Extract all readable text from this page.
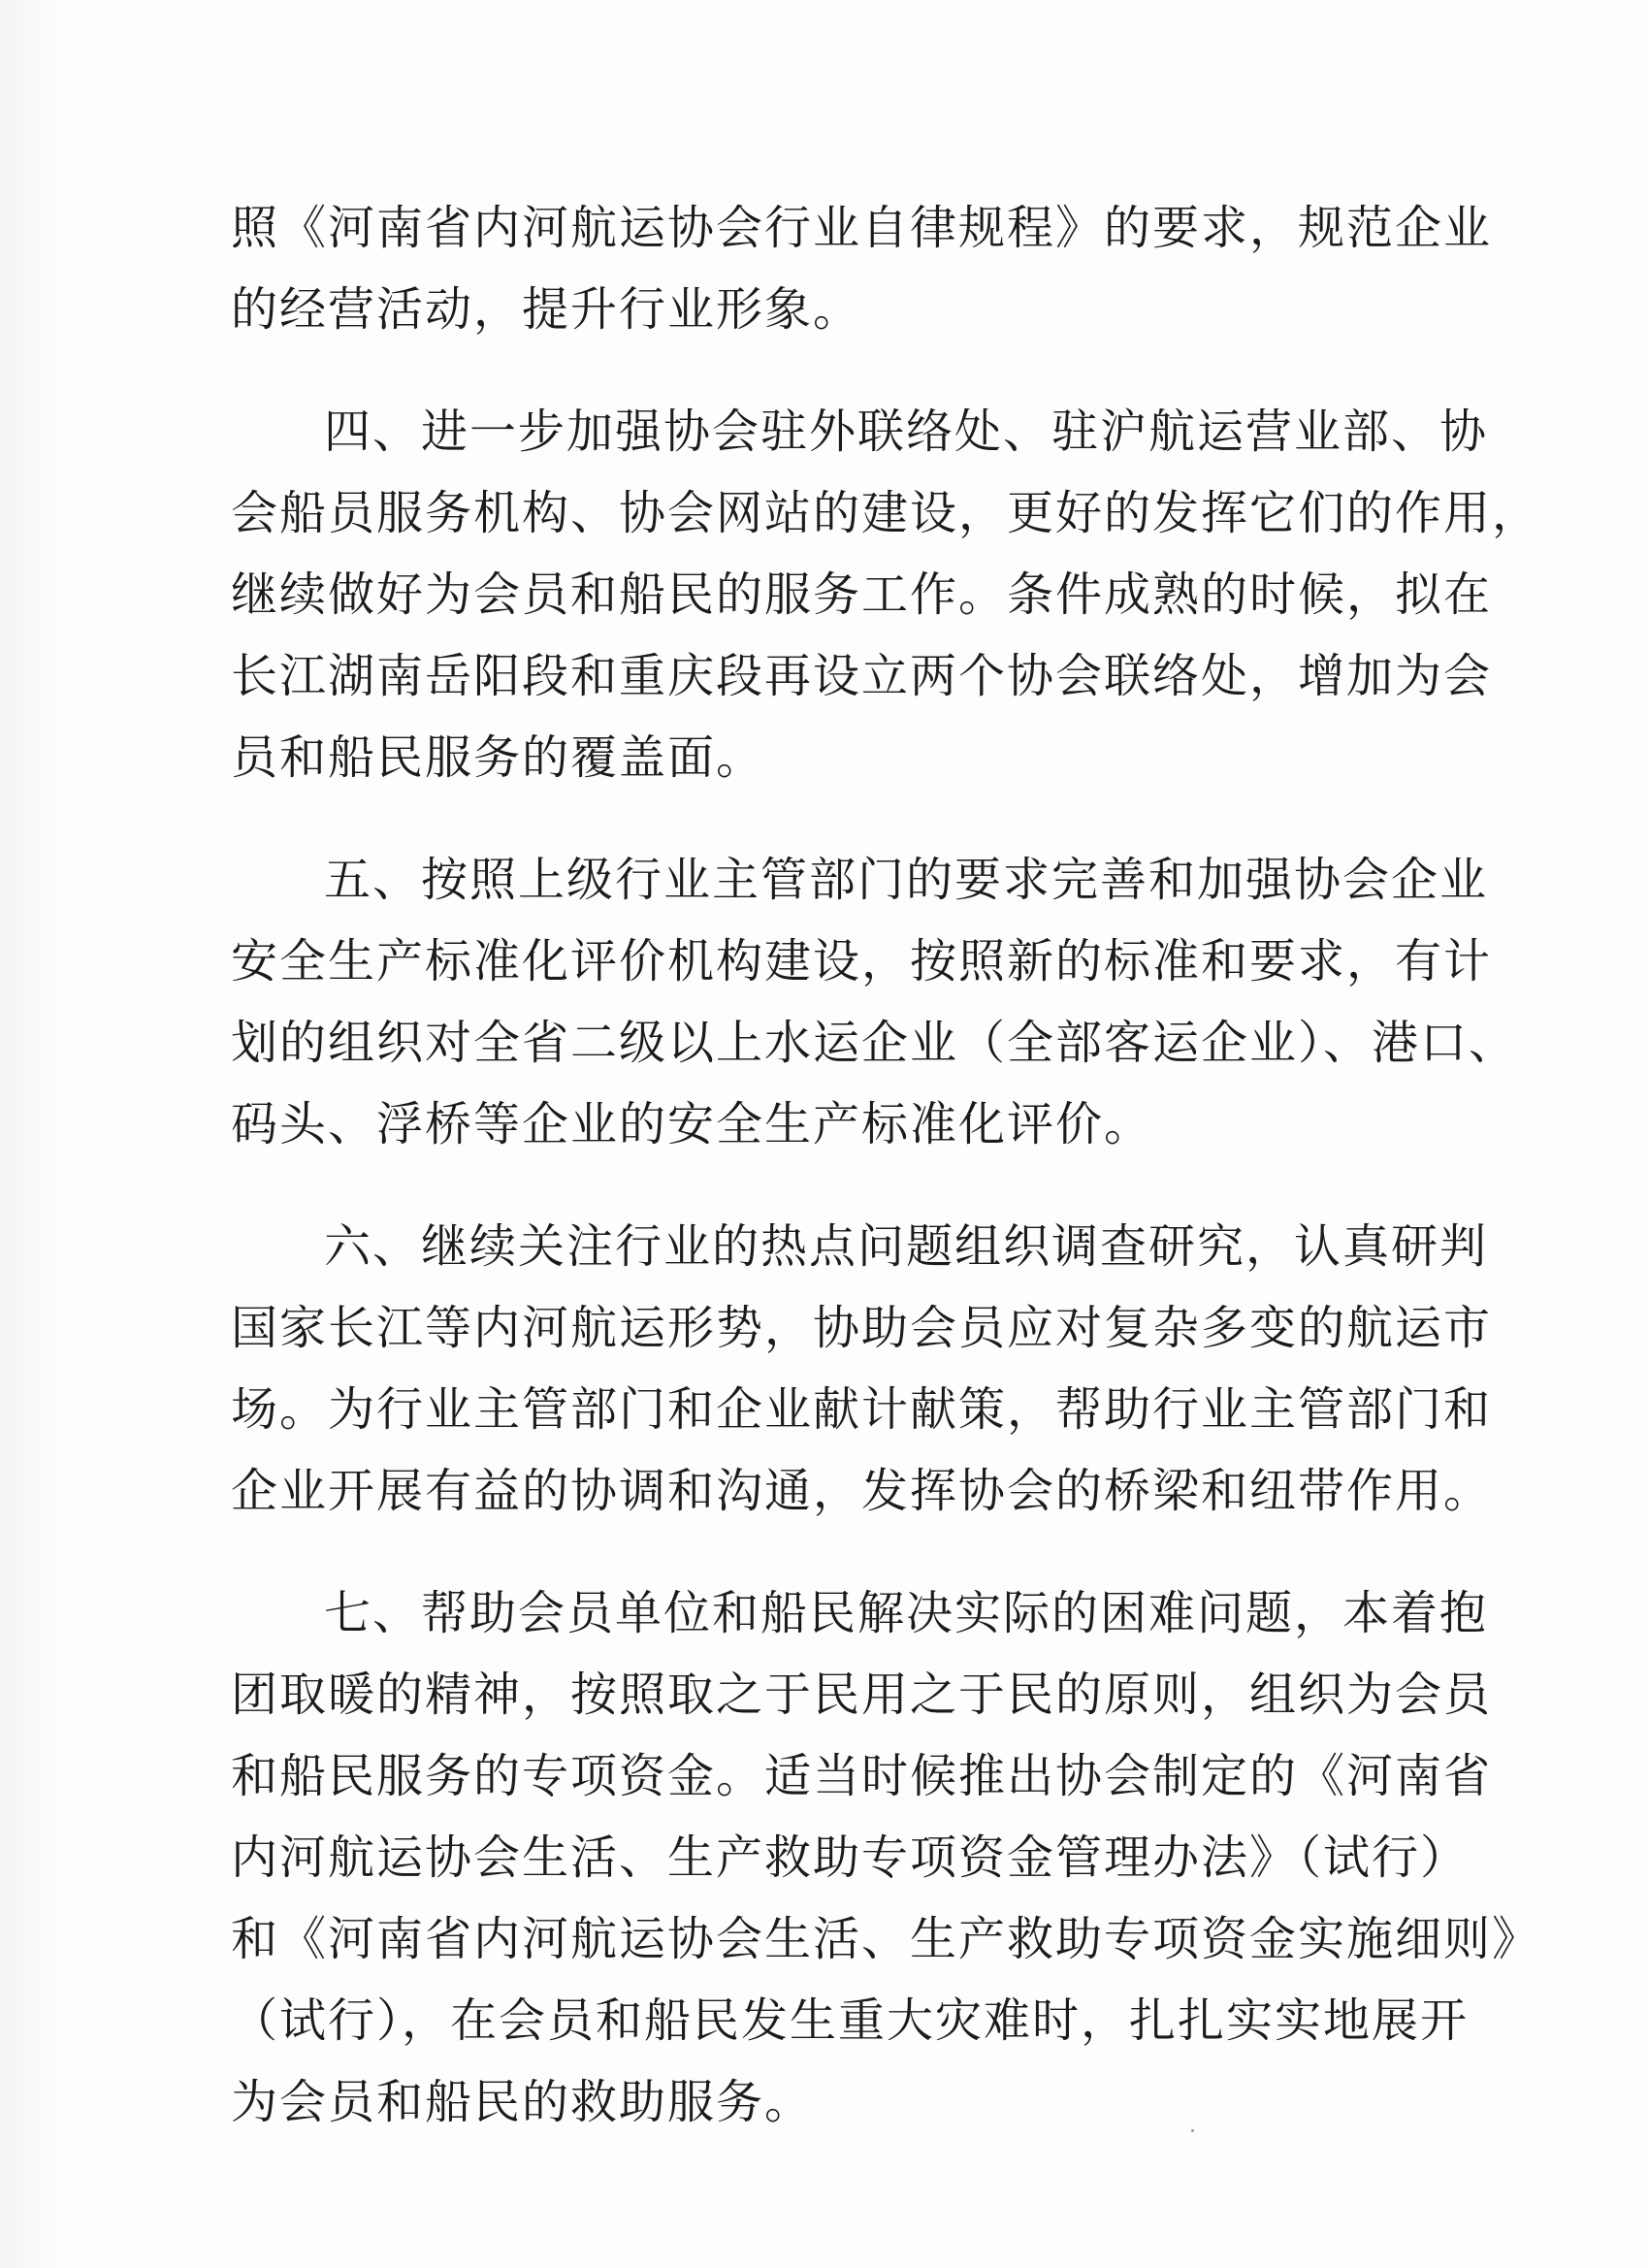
照《河南省内河航运协会行业自律规程》的要求，规范企业
的经营活动，提升行业形象。
四、进一步加强协会驻外联络处、驻沪航运营业部、协
会船员服务机构、协会网站的建设，更好的发挥它们的作用，
继续做好为会员和船民的服务工作。条件成熟的时候，拟在
长江湖南岳阳段和重庆段再设立两个协会联络处，增加为会
员和船民服务的覆盖面。
五、按照上级行业主管部门的要求完善和加强协会企业
安全生产标准化评价机构建设，按照新的标准和要求，有计
划的组织对全省二级以上水运企业（全部客运企业）、港口、
码头、浮桥等企业的安全生产标准化评价。
六、继续关注行业的热点问题组织调查研究，认真研判
国家长江等内河航运形势，协助会员应对复杂多变的航运市
场。为行业主管部门和企业献计献策，帮助行业主管部门和
企业开展有益的协调和沟通，发挥协会的桥梁和纽带作用。
七、帮助会员单位和船民解决实际的困难问题，本着抱
团取暖的精神，按照取之于民用之于民的原则，组织为会员
和船民服务的专项资金。适当时候推出协会制定的《河南省
内河航运协会生活、生产救助专项资金管理办法》（试行）
和《河南省内河航运协会生活、生产救助专项资金实施细则》
（试行），在会员和船民发生重大灾难时，扎扎实实地展开
为会员和船民的救助服务。
